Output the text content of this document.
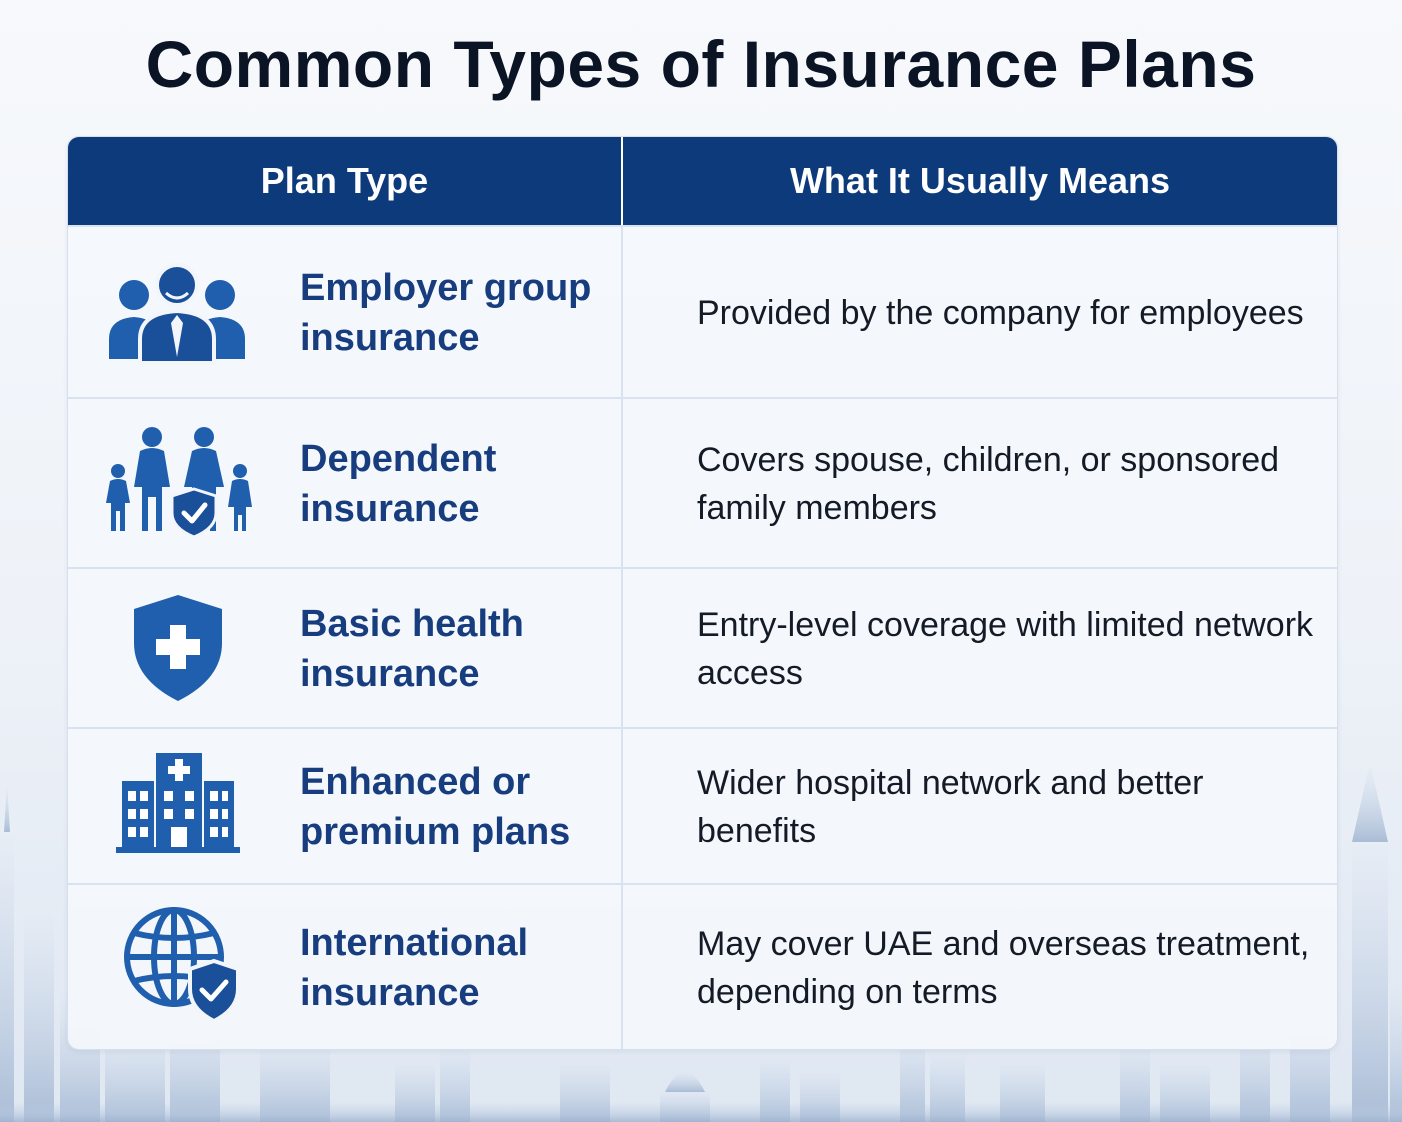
Common Types of Insurance Plans
Plan Type	What It Usually Means
Employer group insurance
Provided by the company for employees
Dependent insurance
Covers spouse, children, or sponsored family members
Basic health insurance
Entry-level coverage with limited network access
Enhanced or premium plans
Wider hospital network and better benefits
International insurance
May cover UAE and overseas treatment, depending on terms
